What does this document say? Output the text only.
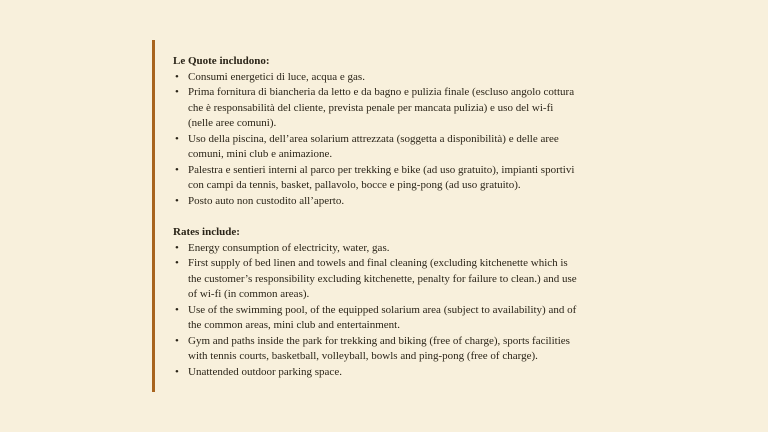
Le Quote includono:

• Consumi energetici di luce, acqua e gas.
• Prima fornitura di biancheria da letto e da bagno e pulizia finale (escluso angolo cottura
che è responsabilità del cliente, prevista penale per mancata pulizia) e uso del wi-fi
(nelle aree comuni).
• Uso della piscina, dell’area solarium attrezzata (soggetta a disponibilità) e delle aree
comuni, mini club e animazione.
• Palestra e sentieri interni al parco per trekking e bike (ad uso gratuito), impianti sportivi
con campi da tennis, basket, pallavolo, bocce e ping-pong (ad uso gratuito).
• Posto auto non custodito all’aperto.

Rates include:

• Energy consumption of electricity, water, gas.
• First supply of bed linen and towels and final cleaning (excluding kitchenette which is
the customer’s responsibility excluding kitchenette, penalty for failure to clean.) and use
of wi-fi (in common areas).
• Use of the swimming pool, of the equipped solarium area (subject to availability) and of
the common areas, mini club and entertainment.
• Gym and paths inside the park for trekking and biking (free of charge), sports facilities
with tennis courts, basketball, volleyball, bowls and ping-pong (free of charge).
• Unattended outdoor parking space.
